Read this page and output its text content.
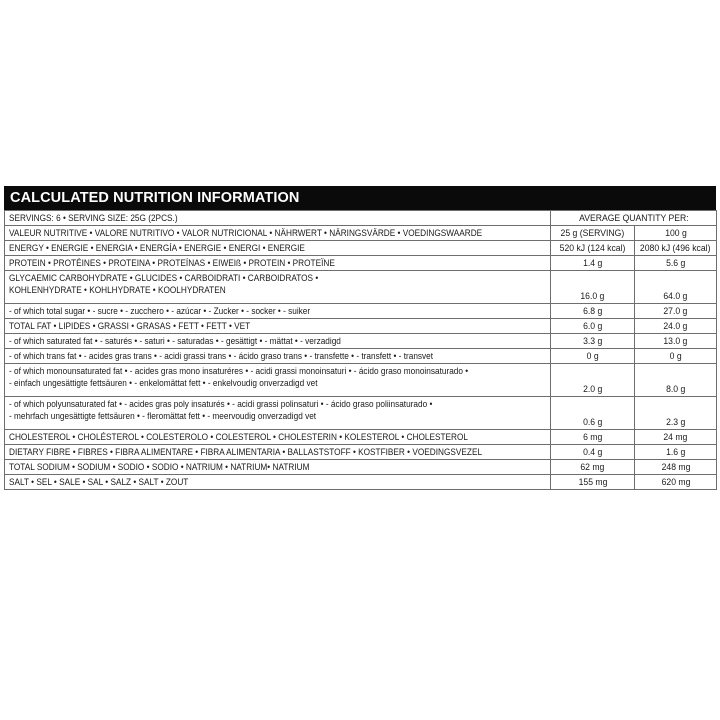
CALCULATED NUTRITION INFORMATION
SERVINGS: 6 • SERVING SIZE: 25G (2PCS.)	AVERAGE QUANTITY PER:	
VALEUR NUTRITIVE • VALORE NUTRITIVO • VALOR NUTRICIONAL • NÄHRWERT • NÄRINGSVÄRDE • VOEDINGSWAARDE	25 g (SERVING)	100 g

ENERGY • ENERGIE • ENERGIA • ENERGÍA • ENERGIE • ENERGI • ENERGIE	520 kJ (124 kcal)	2080 kJ (496 kcal)

PROTEIN • PROTÉINES • PROTEINA • PROTEÍNAS • EIWEIß • PROTEIN • PROTEÏNE	1.4 g	5.6 g

GLYCAEMIC CARBOHYDRATE • GLUCIDES • CARBOIDRATI • CARBOIDRATOS •
KOHLENHYDRATE • KOHLHYDRATE • KOOLHYDRATEN	16.0 g	64.0 g

- of which total sugar • - sucre • - zucchero • - azúcar • - Zucker • - socker • - suiker	6.8 g	27.0 g

TOTAL FAT • LIPIDES • GRASSI • GRASAS • FETT • FETT • VET	6.0 g	24.0 g

- of which saturated fat • - saturés • - saturi • - saturadas • - gesättigt • - mättat • - verzadigd	3.3 g	13.0 g

- of which trans fat • - acides gras trans • - acidi grassi trans • - ácido graso trans • - transfette • - transfett • - transvet	0 g	0 g

- of which monounsaturated fat • - acides gras mono insaturéres • - acidi grassi monoinsaturi • - ácido graso monoinsaturado •
- einfach ungesättigte fettsäuren • - enkelomättat fett • - enkelvoudig onverzadigd vet	2.0 g	8.0 g

- of which polyunsaturated fat • - acides gras poly insaturés • - acidi grassi polinsaturi • - ácido graso poliinsaturado •
- mehrfach ungesättigte fettsäuren • - fleromättat fett • - meervoudig onverzadigd vet	0.6 g	2.3 g

CHOLESTEROL • CHOLÉSTEROL • COLESTEROLO • COLESTEROL • CHOLESTERIN • KOLESTEROL • CHOLESTEROL	6 mg	24 mg

DIETARY FIBRE • FIBRES • FIBRA ALIMENTARE • FIBRA ALIMENTARIA • BALLASTSTOFF • KOSTFIBER • VOEDINGSVEZEL	0.4 g	1.6 g

TOTAL SODIUM • SODIUM • SODIO • SODIO • NATRIUM • NATRIUM• NATRIUM	62 mg	248 mg

SALT • SEL • SALE • SAL • SALZ • SALT • ZOUT	155 mg	620 mg
